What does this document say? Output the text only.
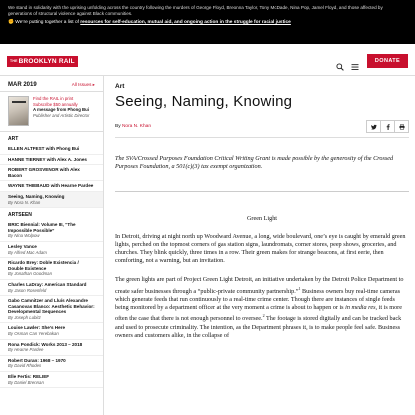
We stand in solidarity with the uprising unfolding across the country following the murders of George Floyd, Breonna Taylor, Tony McDade, Nina Pop, Jamel Floyd, and those affected by generations of structural violence against Black communities.

✊ We’re putting together a list of resources for self-education, mutual aid, and ongoing action in the struggle for racial justice

THEBROOKLYN RAIL	DONATE
MAR 2019	All Issues ▸
Find the RAIL in print
Subscribe $50 annually
A message from Phong Bui
Publisher and Artistic Director
ART
ELLEN ALTFEST with Phong Bui
HANNE TIERNEY with Alex A. Jones
ROBERT GROSVENOR with Alex Bacon
WAYNE THIEBAUD with Hearne Pardee
Seeing, Naming, Knowing
By Nora N. Khan
ARTSEEN
BRIC Biennial: Volume III, “The Impossible Possible”
By Nina Wolpow
Lesley Vance
By Alfred Mac Adam
Ricardo Brey: Doble Existencia / Double Existence
By Jonathan Goodman
Charles LaDray: American Standard
By Jason Rosenfeld
Gabo Camnitzer and Lluís Alexandre Casanovas Blanco: Aesthetic Behavior: Developmental Sequences
By Joseph Lubitz
Louise Lawler: She’s Here
By Osman Can Yerebakan
Rona Pondick: Works 2013 – 2018
By Hearne Pardee
Robert Duran: 1968 – 1970
By David Rhodes
Elle Fertis: RELIEF
By Daniel Brennan
Art
Seeing, Naming, Knowing
By Nora N. Khan

The SVA/Crossed Purposes Foundation Critical Writing Grant is made possible by the generosity of the Crossed Purposes Foundation, a 501(c)(3) tax exempt organization.

Green Light

In Detroit, driving at night north up Woodward Avenue, a long, wide boulevard, one’s eye is caught by emerald green lights, perched on the topmost corners of gas station signs, laundromats, corner stores, peep shows, groceries, and churches. They blink quickly, three times in a row. Their green makes for strange beacons, at first eerie, then comforting, not a warning, but an invitation.

The green lights are part of Project Green Light Detroit, an initiative undertaken by the Detroit Police Department to create safer businesses through a “public-private community partnership.”$^1$ Business owners buy real-time cameras which generate feeds that run continuously to a real-time crime center. Though there are instances of single feeds being monitored by a department officer at the very moment a crime is about to happen or is in media res, it is more often the case that there is not enough personnel to oversee.$^2$ The footage is stored digitally and can be tracked back and used to prosecute criminality. The intention, as the Department phrases it, is to make people feel safe. Business owners and customers alike, in the collapse of
